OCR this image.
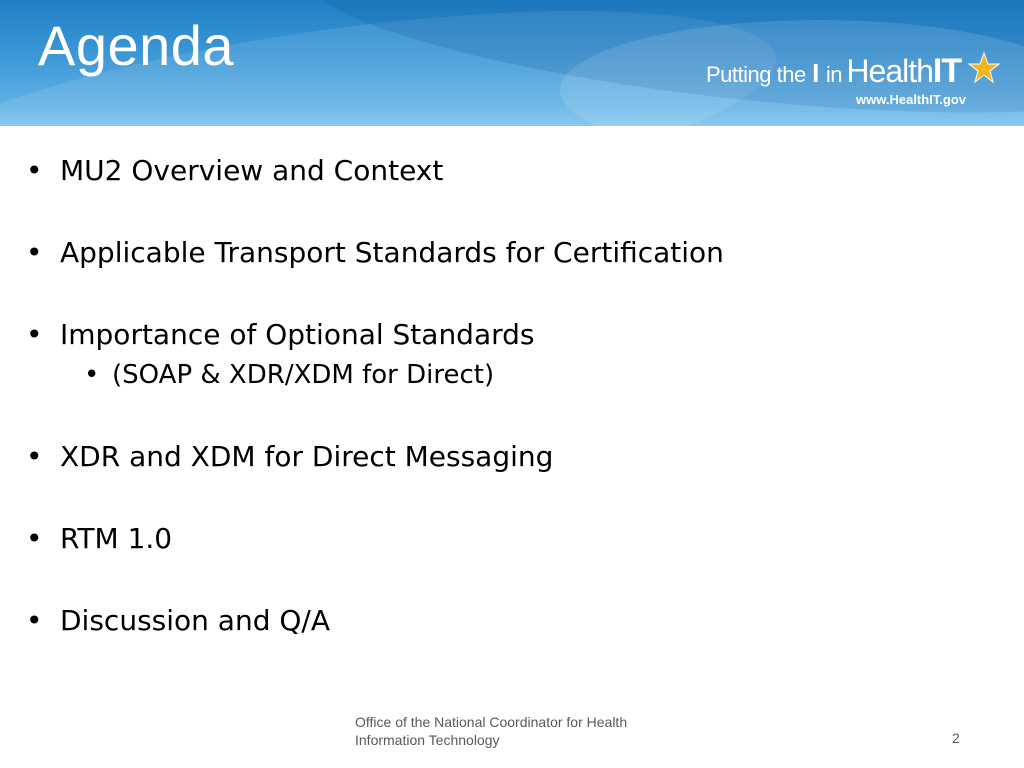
Agenda	Putting the I in HealthIT
www.HealthIT.gov
• MU2 Overview and Context
• Applicable Transport Standards for Certification
• Importance of Optional Standards
• (SOAP & XDR/XDM for Direct)
• XDR and XDM for Direct Messaging
• RTM 1.0
• Discussion and Q/A
Office of the National Coordinator for Health
Information Technology	2
